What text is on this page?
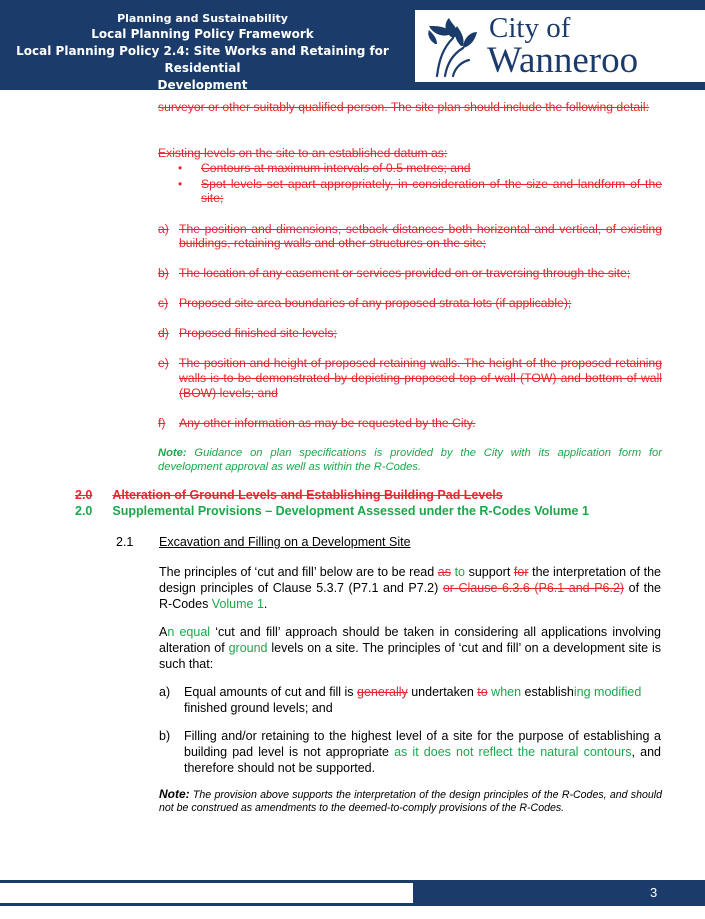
Planning and Sustainability
Local Planning Policy Framework
Local Planning Policy 2.4: Site Works and Retaining for Residential
Development
City of
Wanneroo
surveyor or other suitably qualified person. The site plan should include the following detail:
Existing levels on the site to an established datum as:
• Contours at maximum intervals of 0.5 metres; and
• Spot levels set apart appropriately, in consideration of the size and landform of the site;
a) The position and dimensions, setback distances both horizontal and vertical, of existing buildings, retaining walls and other structures on the site;
b) The location of any easement or services provided on or traversing through the site;
c) Proposed site area boundaries of any proposed strata lots (if applicable);
d) Proposed finished site levels;
e) The position and height of proposed retaining walls. The height of the proposed retaining walls is to be demonstrated by depicting proposed top of wall (TOW) and bottom of wall (BOW) levels; and
f) Any other information as may be requested by the City.
Note: Guidance on plan specifications is provided by the City with its application form for development approval as well as within the R-Codes.
2.0 Alteration of Ground Levels and Establishing Building Pad Levels
2.0 Supplemental Provisions – Development Assessed under the R-Codes Volume 1
2.1 Excavation and Filling on a Development Site
The principles of ‘cut and fill’ below are to be read as to support for the interpretation of the design principles of Clause 5.3.7 (P7.1 and P7.2) or Clause 6.3.6 (P6.1 and P6.2) of the R-Codes Volume 1.
An equal ‘cut and fill’ approach should be taken in considering all applications involving alteration of ground levels on a site. The principles of ‘cut and fill’ on a development site is such that:
a) Equal amounts of cut and fill is generally undertaken to when establishing modified
finished ground levels; and
b) Filling and/or retaining to the highest level of a site for the purpose of establishing a building pad level is not appropriate as it does not reflect the natural contours, and therefore should not be supported.
Note: The provision above supports the interpretation of the design principles of the R-Codes, and should not be construed as amendments to the deemed-to-comply provisions of the R-Codes.
3
